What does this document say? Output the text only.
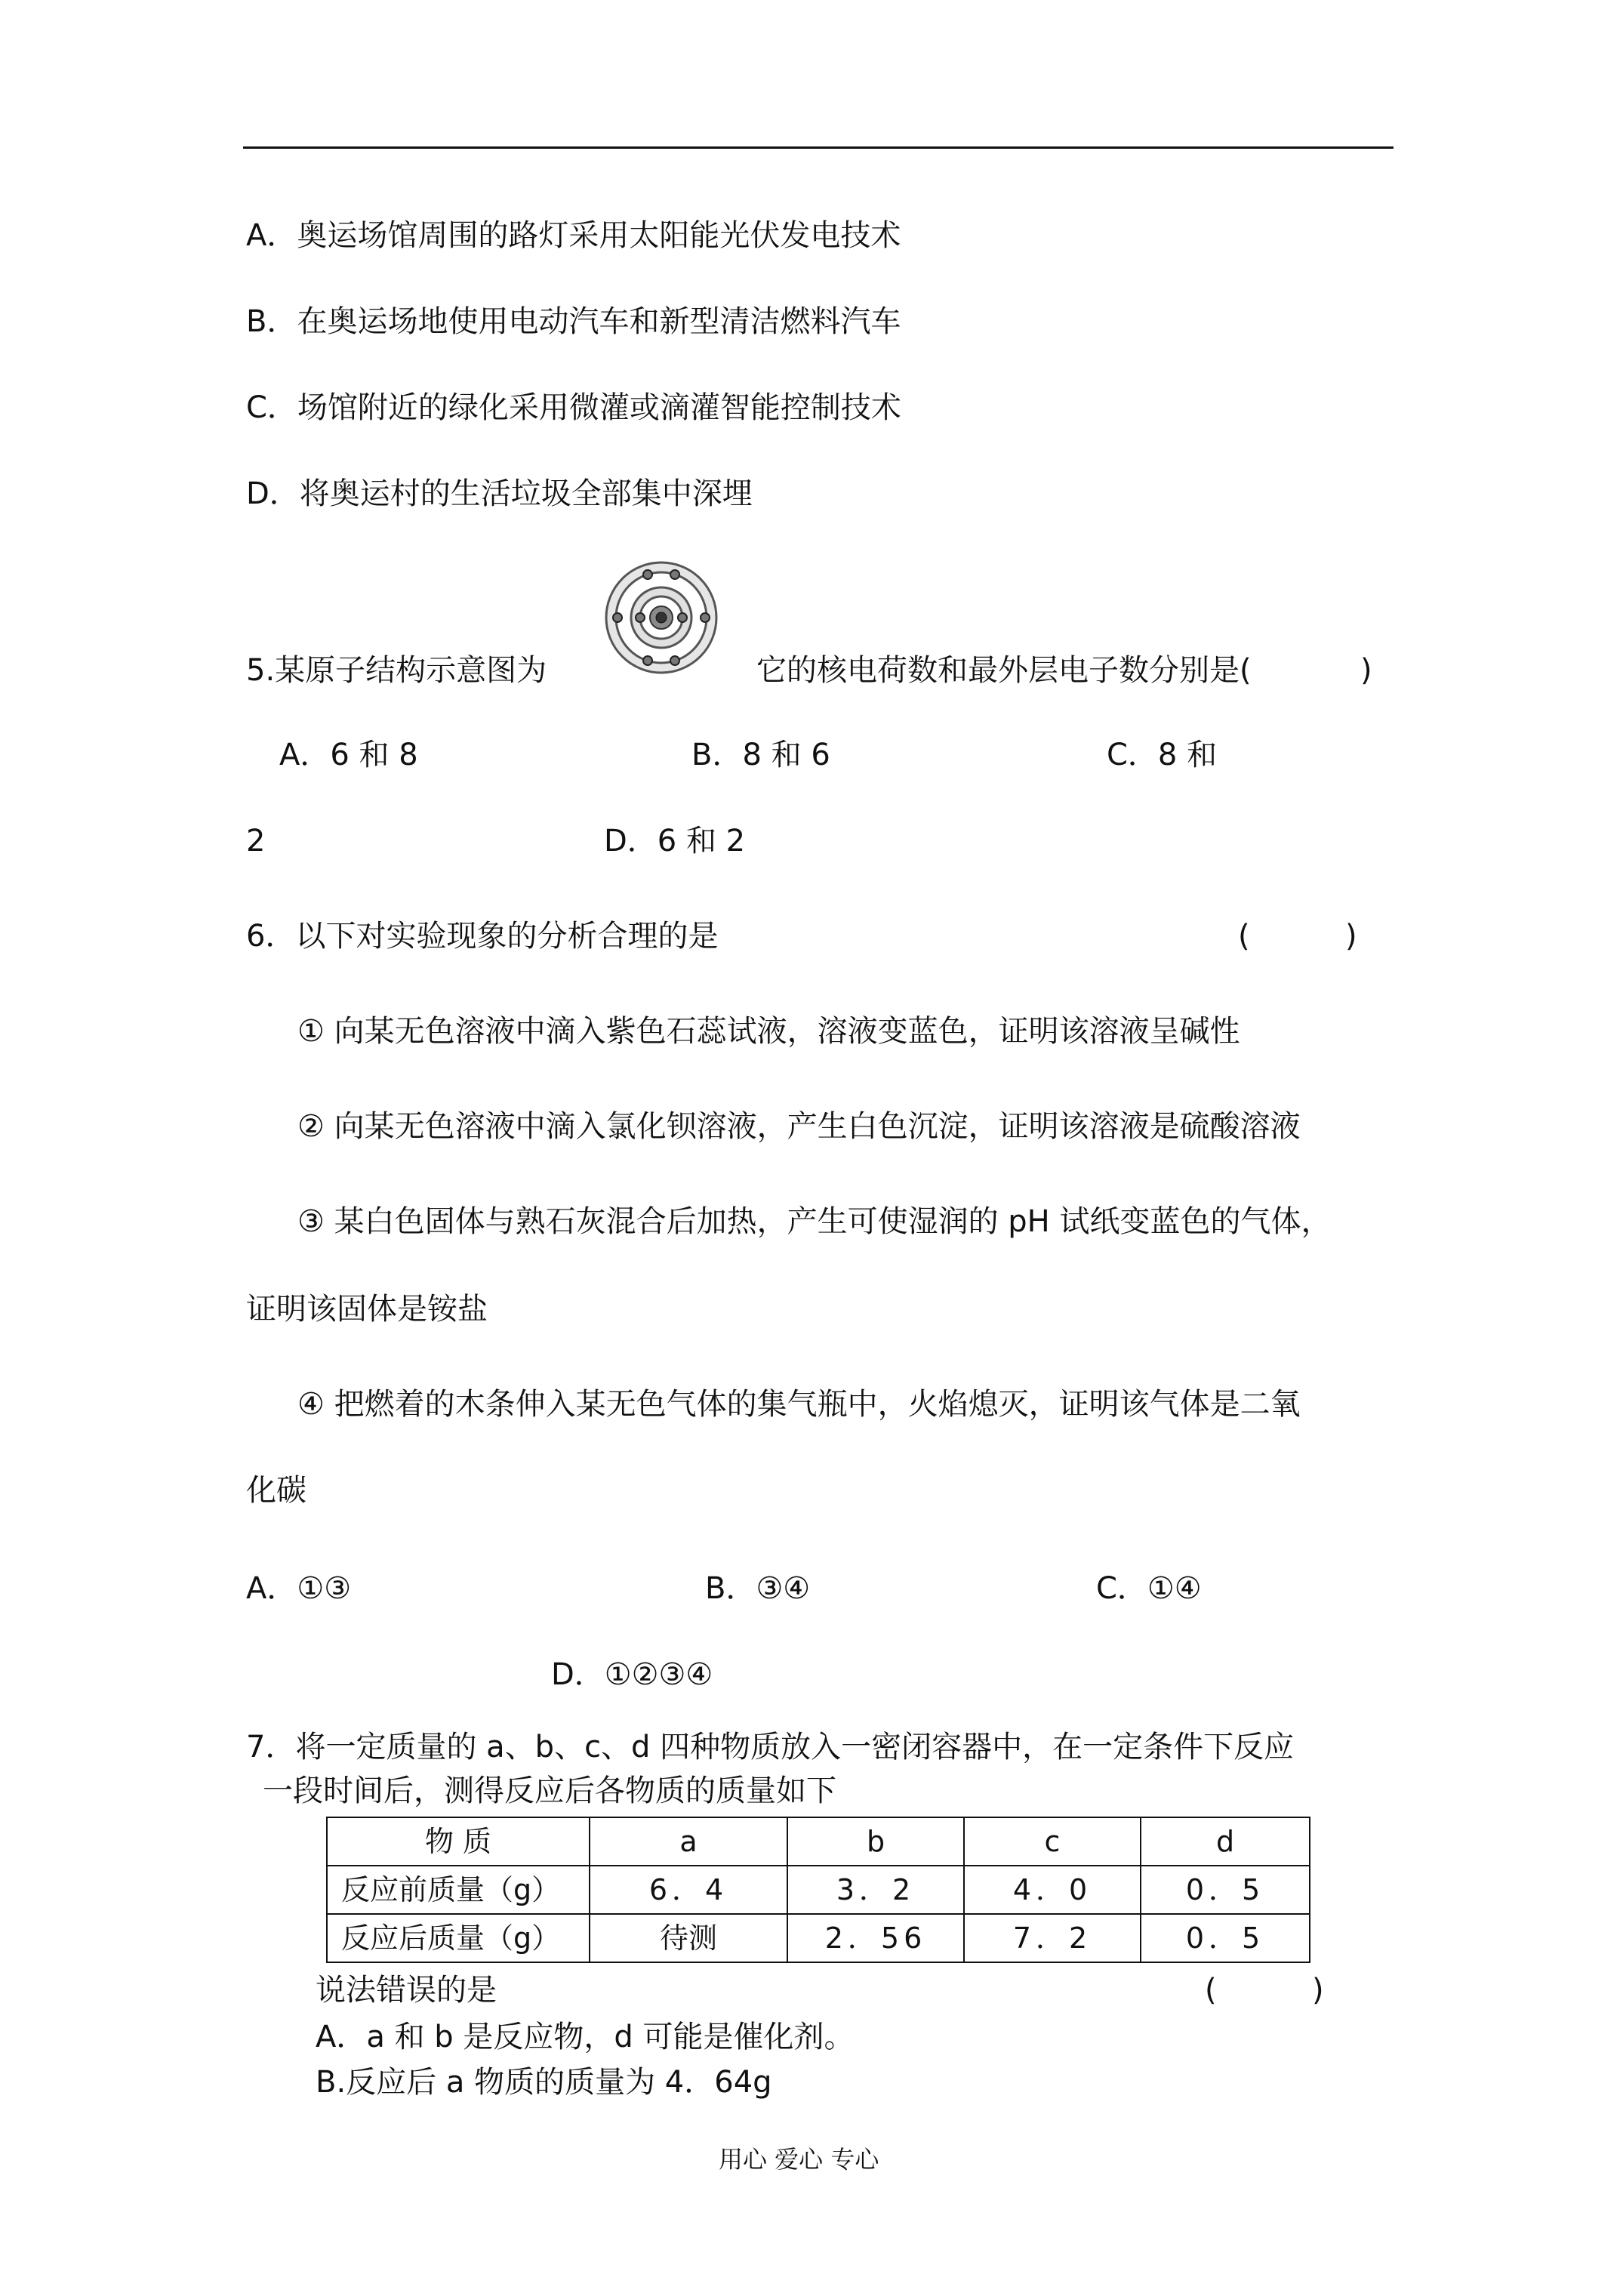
A．奥运场馆周围的路灯采用太阳能光伏发电技术
B．在奥运场地使用电动汽车和新型清洁燃料汽车
C．场馆附近的绿化采用微灌或滴灌智能控制技术
D．将奥运村的生活垃圾全部集中深埋
5.某原子结构示意图为	它的核电荷数和最外层电子数分别是(	)
A．6 和 8	B．8 和 6	C．8 和
2	D．6 和 2
6．以下对实验现象的分析合理的是	(	)
① 向某无色溶液中滴入紫色石蕊试液，溶液变蓝色，证明该溶液呈碱性
② 向某无色溶液中滴入氯化钡溶液，产生白色沉淀，证明该溶液是硫酸溶液
③ 某白色固体与熟石灰混合后加热，产生可使湿润的 pH 试纸变蓝色的气体，
证明该固体是铵盐
④ 把燃着的木条伸入某无色气体的集气瓶中，火焰熄灭，证明该气体是二氧
化碳
A．①③	B．③④	C．①④
D．①②③④
7．将一定质量的 a、b、c、d 四种物质放入一密闭容器中，在一定条件下反应
一段时间后，测得反应后各物质的质量如下
物 质	a	b	c	d
反应前质量（g）	6．4	3．2	4．0	0．5
反应后质量（g）	待测	2．56	7．2	0．5
说法错误的是	(	)
A．a 和 b 是反应物，d 可能是催化剂。
B.反应后 a 物质的质量为 4．64g
用心 爱心 专心
